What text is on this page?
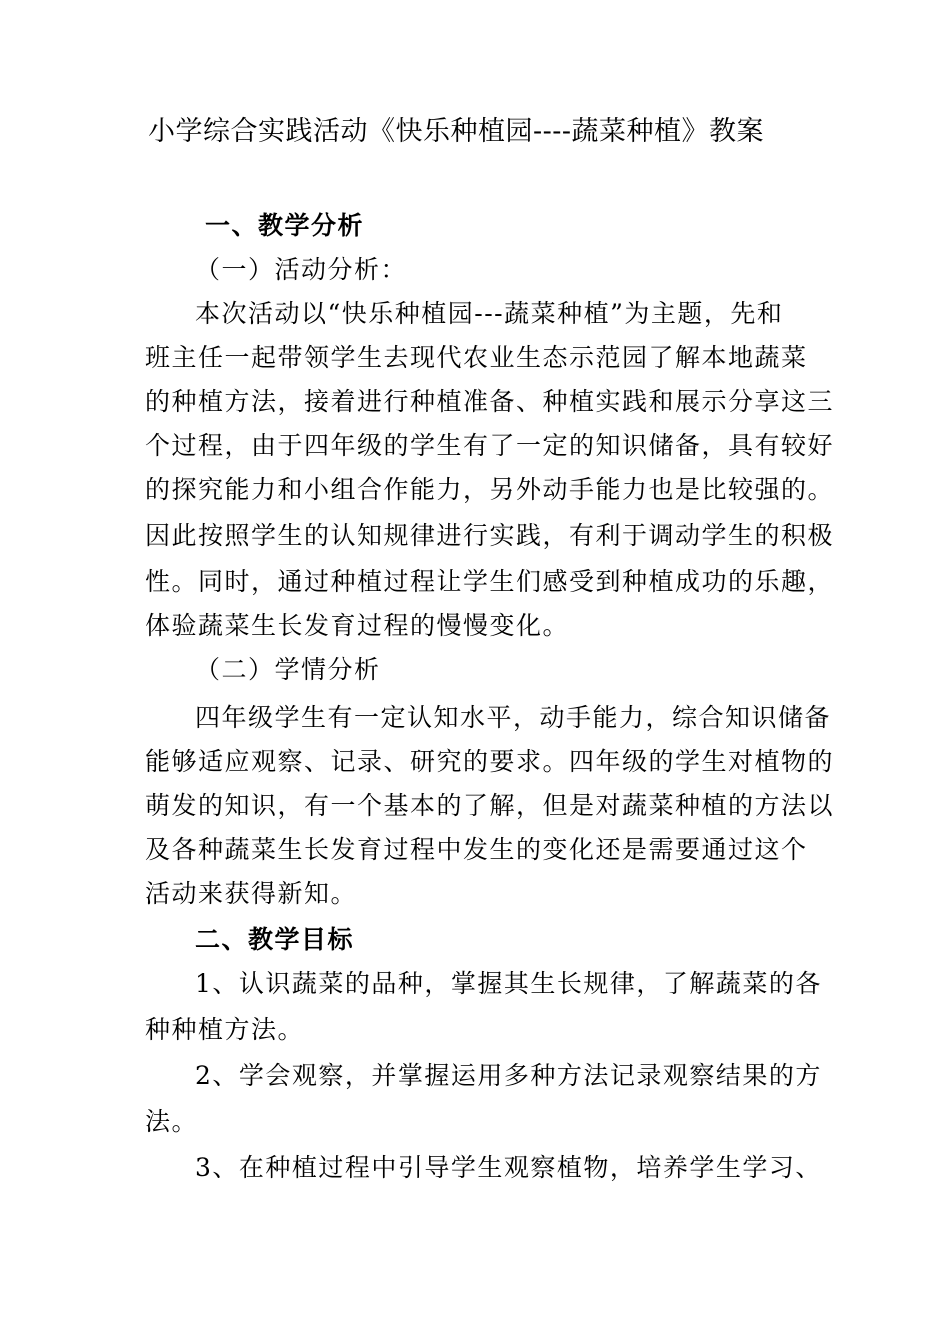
小学综合实践活动《快乐种植园----蔬菜种植》教案
一、教学分析
（一）活动分析：
本次活动以“快乐种植园---蔬菜种植”为主题，先和
班主任一起带领学生去现代农业生态示范园了解本地蔬菜
的种植方法，接着进行种植准备、种植实践和展示分享这三
个过程，由于四年级的学生有了一定的知识储备，具有较好
的探究能力和小组合作能力，另外动手能力也是比较强的。
因此按照学生的认知规律进行实践，有利于调动学生的积极
性。同时，通过种植过程让学生们感受到种植成功的乐趣，
体验蔬菜生长发育过程的慢慢变化。
（二）学情分析
四年级学生有一定认知水平，动手能力，综合知识储备
能够适应观察、记录、研究的要求。四年级的学生对植物的
萌发的知识，有一个基本的了解，但是对蔬菜种植的方法以
及各种蔬菜生长发育过程中发生的变化还是需要通过这个
活动来获得新知。
二、教学目标
1、认识蔬菜的品种，掌握其生长规律，了解蔬菜的各
种种植方法。
2、学会观察，并掌握运用多种方法记录观察结果的方
法。
3、在种植过程中引导学生观察植物，培养学生学习、
